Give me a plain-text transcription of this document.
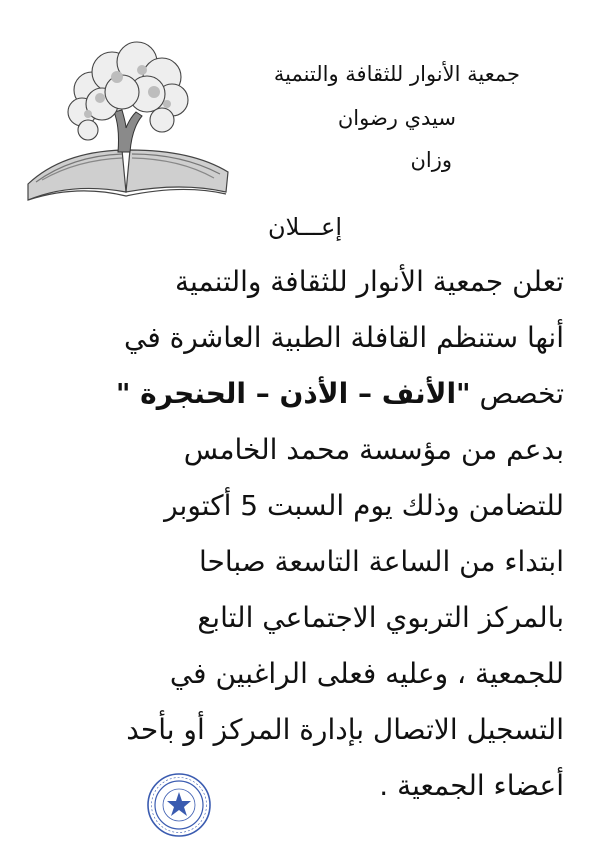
جمعية الأنوار للثقافة والتنمية
سيدي رضوان
وزان
إعـــلان
تعلن جمعية الأنوار للثقافة والتنمية
أنها ستنظم القافلة الطبية العاشرة في
تخصص "الأنف – الأذن – الحنجرة "
بدعم من مؤسسة محمد الخامس
للتضامن وذلك يوم السبت 5 أكتوبر
ابتداء من الساعة التاسعة صباحا
بالمركز التربوي الاجتماعي التابع
للجمعية ، وعليه فعلى الراغبين في
التسجيل الاتصال بإدارة المركز أو بأحد
أعضاء الجمعية .
